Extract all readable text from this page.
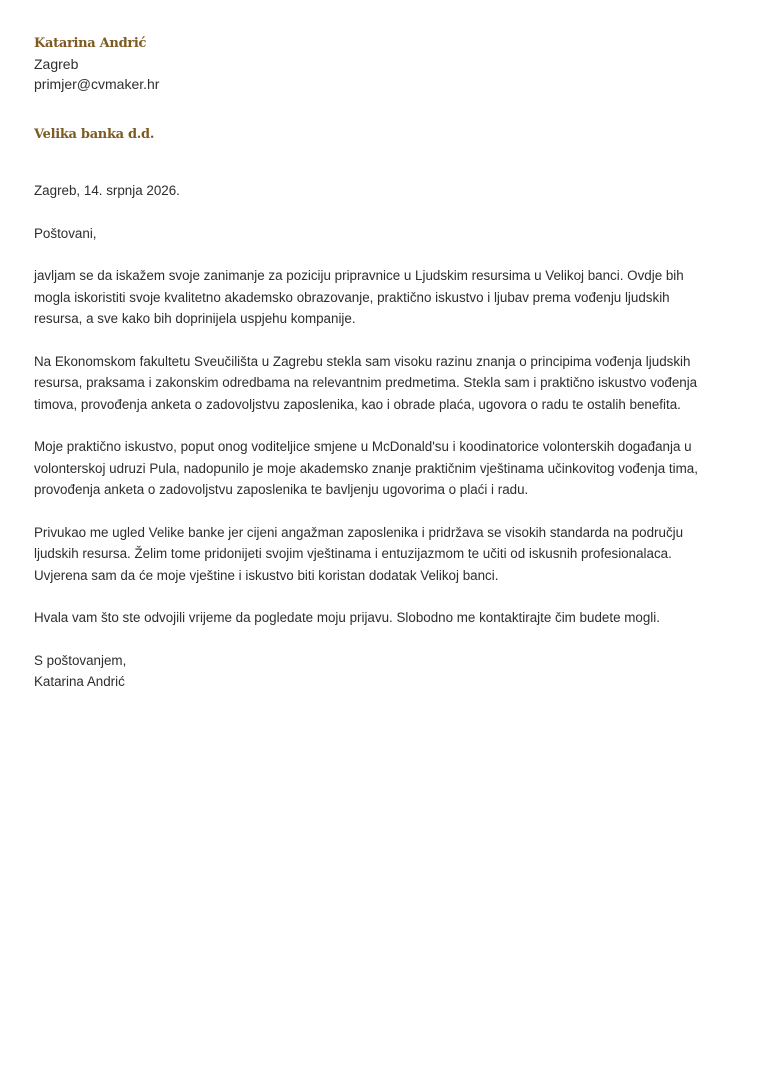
Katarina Andrić
Zagreb
primjer@cvmaker.hr
Velika banka d.d.

Zagreb, 14. srpnja 2026.

Poštovani,

javljam se da iskažem svoje zanimanje za poziciju pripravnice u Ljudskim resursima u Velikoj banci. Ovdje bih mogla iskoristiti svoje kvalitetno akademsko obrazovanje, praktično iskustvo i ljubav prema vođenju ljudskih resursa, a sve kako bih doprinijela uspjehu kompanije.

Na Ekonomskom fakultetu Sveučilišta u Zagrebu stekla sam visoku razinu znanja o principima vođenja ljudskih resursa, praksama i zakonskim odredbama na relevantnim predmetima. Stekla sam i praktično iskustvo vođenja timova, provođenja anketa o zadovoljstvu zaposlenika, kao i obrade plaća, ugovora o radu te ostalih benefita.

Moje praktično iskustvo, poput onog voditeljice smjene u McDonald'su i koodinatorice volonterskih događanja u volonterskoj udruzi Pula, nadopunilo je moje akademsko znanje praktičnim vještinama učinkovitog vođenja tima, provođenja anketa o zadovoljstvu zaposlenika te bavljenju ugovorima o plaći i radu.

Privukao me ugled Velike banke jer cijeni angažman zaposlenika i pridržava se visokih standarda na području ljudskih resursa. Želim tome pridonijeti svojim vještinama i entuzijazmom te učiti od iskusnih profesionalaca. Uvjerena sam da će moje vještine i iskustvo biti koristan dodatak Velikoj banci.

Hvala vam što ste odvojili vrijeme da pogledate moju prijavu. Slobodno me kontaktirajte čim budete mogli.

S poštovanjem,

Katarina Andrić
